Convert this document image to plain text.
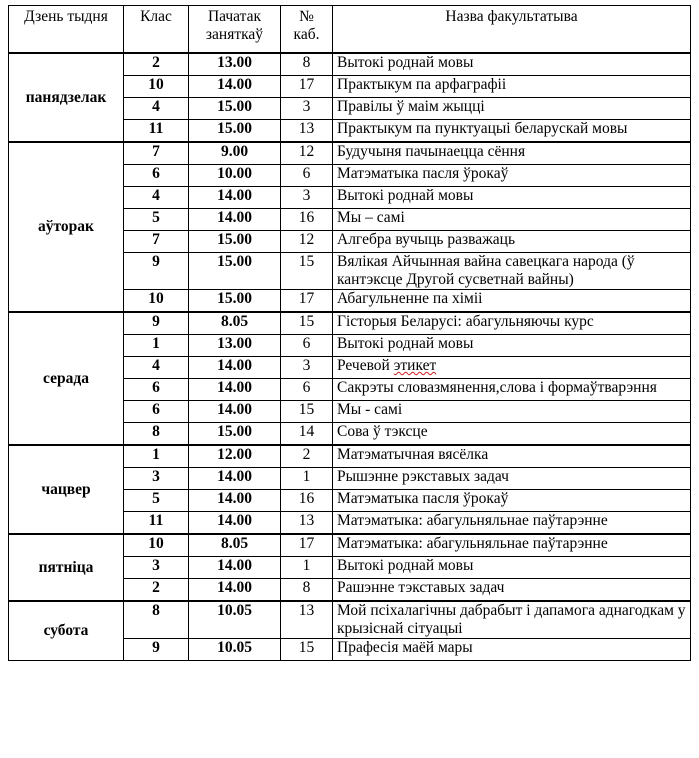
Дзень тыдня	Клас	Пачатак заняткаў	№ каб.	Назва факультатыва
панядзелак	2	13.00	8	Вытокі роднай мовы
	10	14.00	17	Практыкум па арфаграфіі
	4	15.00	3	Правілы ў маім жыцці
	11	15.00	13	Практыкум па пунктуацыі беларускай мовы
аўторак	7	9.00	12	Будучыня пачынаецца сёння
	6	10.00	6	Матэматыка пасля ўрокаў
	4	14.00	3	Вытокі роднай мовы
	5	14.00	16	Мы – самі
	7	15.00	12	Алгебра вучыць разважаць
	9	15.00	15	Вялікая Айчынная вайна савецкага народа (ў кантэксце Другой сусветнай вайны)
	10	15.00	17	Абагульненне па хіміі
серада	9	8.05	15	Гісторыя Беларусі: абагульняючы курс
	1	13.00	6	Вытокі роднай мовы
	4	14.00	3	Речевой этикет
	6	14.00	6	Сакрэты словазмянення,слова і формаўтварэння
	6	14.00	15	Мы - самі
	8	15.00	14	Сова ў тэксце
чацвер	1	12.00	2	Матэматычная вясёлка
	3	14.00	1	Рышэнне рэкставых задач
	5	14.00	16	Матэматыка пасля ўрокаў
	11	14.00	13	Матэматыка: абагульняльнае паўтарэнне
пятніца	10	8.05	17	Матэматыка: абагульняльнае паўтарэнне
	3	14.00	1	Вытокі роднай мовы
	2	14.00	8	Рашэнне тэкставых задач
субота	8	10.05	13	Мой псіхалагічны дабрабыт і дапамога аднагодкам у крызіснай сітуацыі
	9	10.05	15	Прафесія маёй мары
